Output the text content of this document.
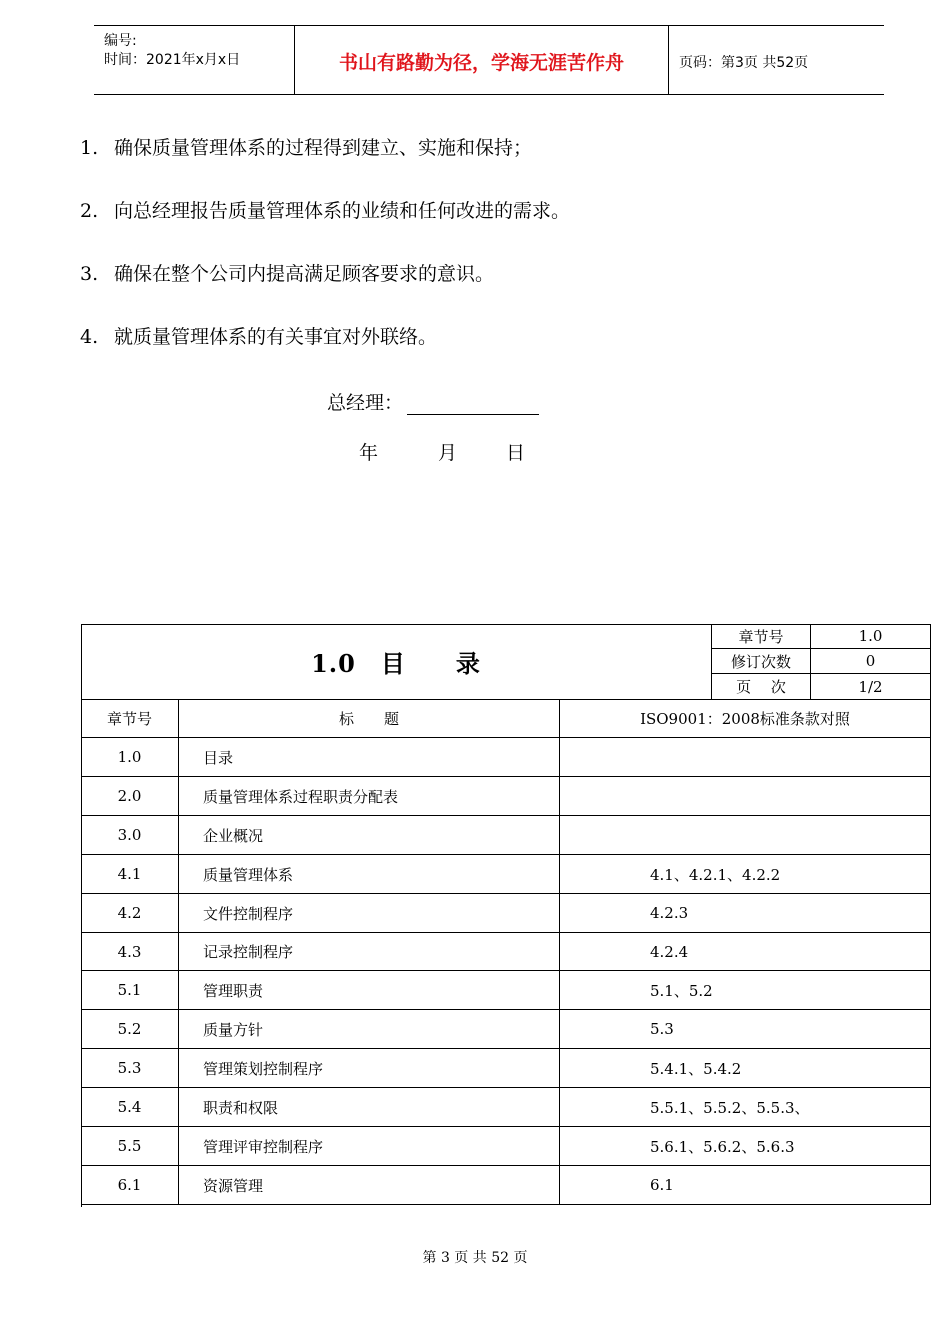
编号:
时间：2021年x月x日	书山有路勤为径，学海无涯苦作舟	页码：第3页 共52页
1. 确保质量管理体系的过程得到建立、实施和保持；
2. 向总经理报告质量管理体系的业绩和任何改进的需求。
3. 确保在整个公司内提高满足顾客要求的意识。
4. 就质量管理体系的有关事宜对外联络。
总经理：
年	月	日
1.0　目　　录
章节号	1.0
修订次数	0
页　 次	1/2
章节号	标　　题	ISO9001：2008标准条款对照
1.0	目录
2.0	质量管理体系过程职责分配表
3.0	企业概况
4.1	质量管理体系	4.1、4.2.1、4.2.2
4.2	文件控制程序	4.2.3
4.3	记录控制程序	4.2.4
5.1	管理职责	5.1、5.2
5.2	质量方针	5.3
5.3	管理策划控制程序	5.4.1、5.4.2
5.4	职责和权限	5.5.1、5.5.2、5.5.3、
5.5	管理评审控制程序	5.6.1、5.6.2、5.6.3
6.1	资源管理	6.1
第 3 页 共 52 页
